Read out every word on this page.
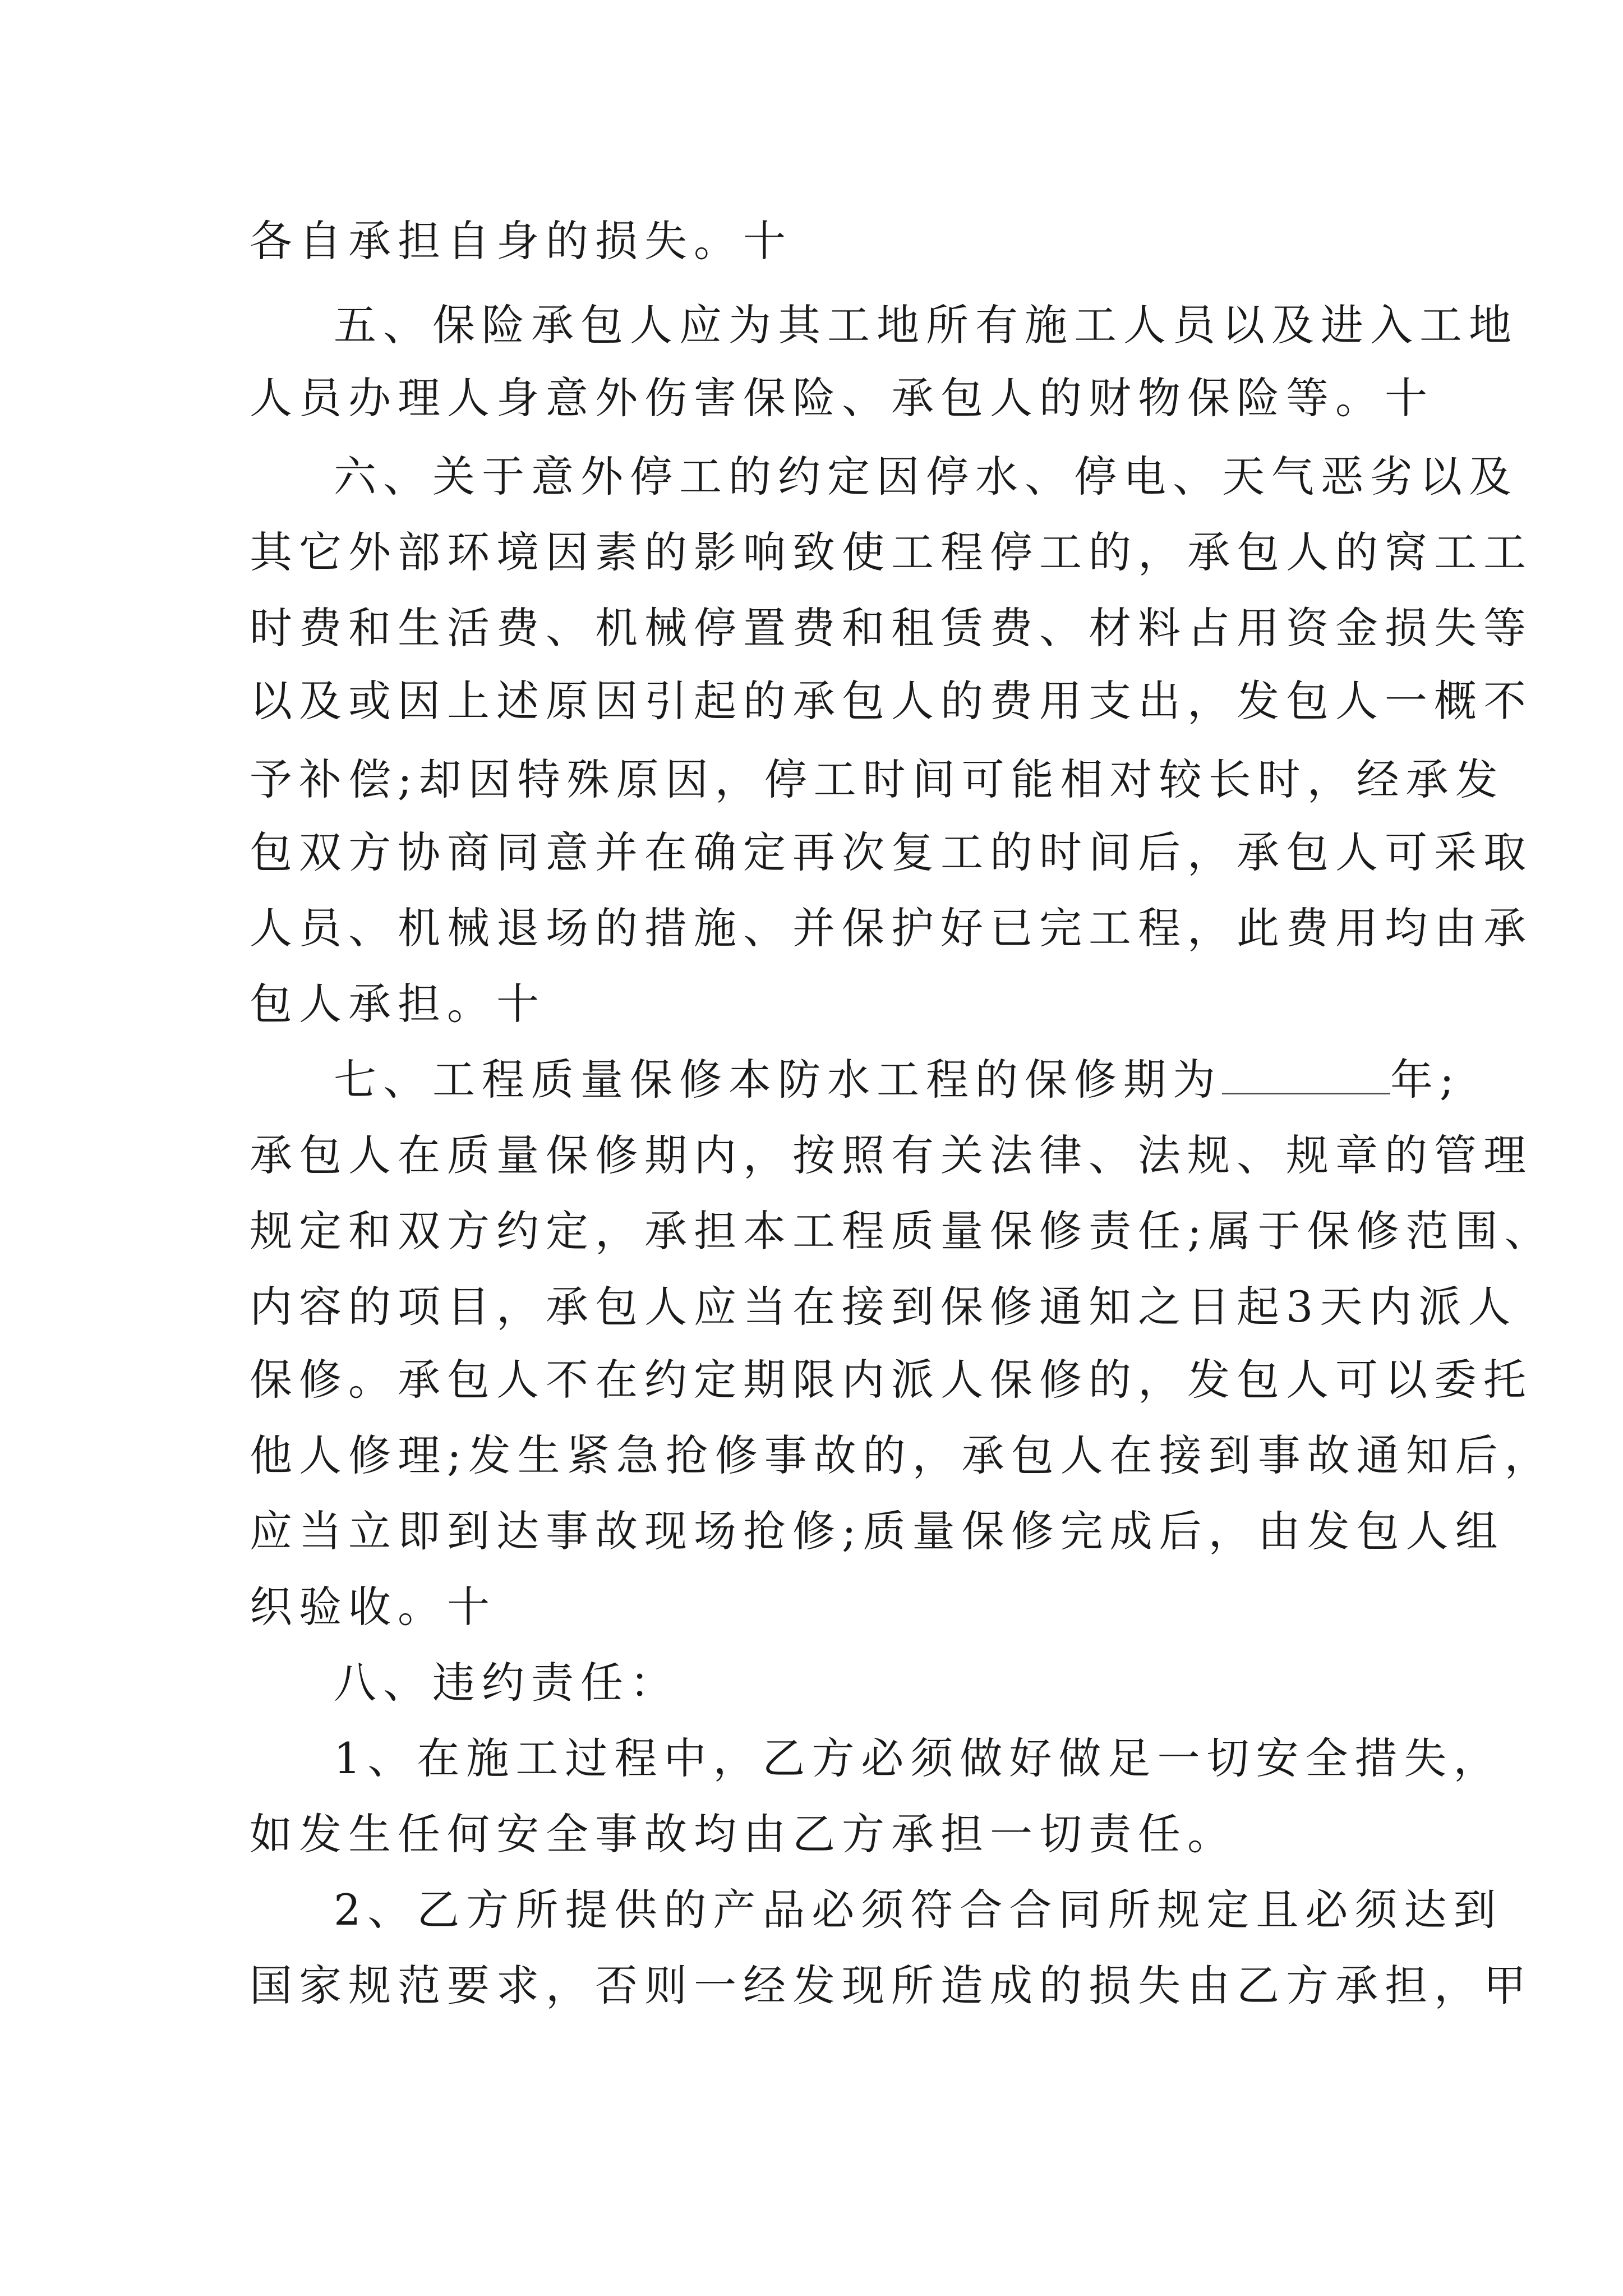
各自承担自身的损失。十
五、保险承包人应为其工地所有施工人员以及进入工地
人员办理人身意外伤害保险、承包人的财物保险等。十
六、关于意外停工的约定因停水、停电、天气恶劣以及
其它外部环境因素的影响致使工程停工的，承包人的窝工工
时费和生活费、机械停置费和租赁费、材料占用资金损失等
以及或因上述原因引起的承包人的费用支出，发包人一概不
予补偿;却因特殊原因，停工时间可能相对较长时，经承发
包双方协商同意并在确定再次复工的时间后，承包人可采取
人员、机械退场的措施、并保护好已完工程，此费用均由承
包人承担。十
七、工程质量保修本防水工程的保修期为	年;
承包人在质量保修期内，按照有关法律、法规、规章的管理
规定和双方约定，承担本工程质量保修责任;属于保修范围、
内容的项目，承包人应当在接到保修通知之日起3天内派人
保修。承包人不在约定期限内派人保修的，发包人可以委托
他人修理;发生紧急抢修事故的，承包人在接到事故通知后，
应当立即到达事故现场抢修;质量保修完成后，由发包人组
织验收。十
八、违约责任：
1、在施工过程中，乙方必须做好做足一切安全措失，
如发生任何安全事故均由乙方承担一切责任。
2、乙方所提供的产品必须符合合同所规定且必须达到
国家规范要求，否则一经发现所造成的损失由乙方承担，甲
